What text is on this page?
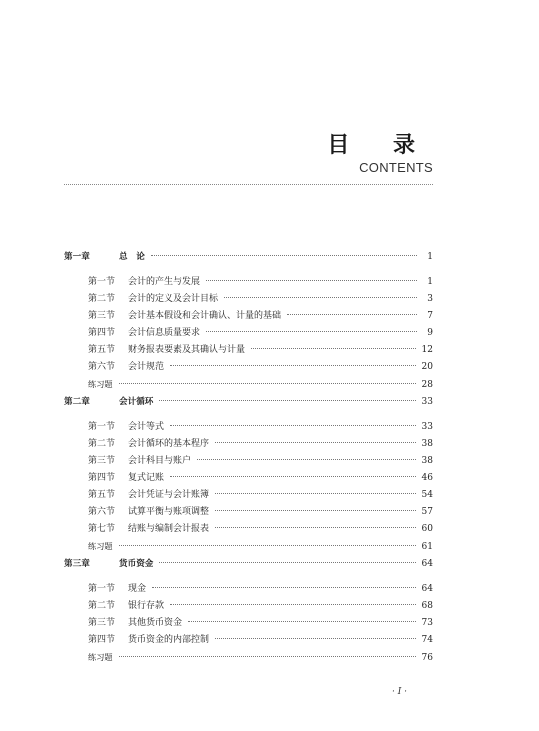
目 录
CONTENTS
第一章	总　论	1
第一节	会计的产生与发展	1
第二节	会计的定义及会计目标	3
第三节	会计基本假设和会计确认、计量的基础	7
第四节	会计信息质量要求	9
第五节	财务报表要素及其确认与计量	12
第六节	会计规范	20
练习题	28
第二章	会计循环	33
第一节	会计等式	33
第二节	会计循环的基本程序	38
第三节	会计科目与账户	38
第四节	复式记账	46
第五节	会计凭证与会计账簿	54
第六节	试算平衡与账项调整	57
第七节	结账与编制会计报表	60
练习题	61
第三章	货币资金	64
第一节	现金	64
第二节	银行存款	68
第三节	其他货币资金	73
第四节	货币资金的内部控制	74
练习题	76
· I ·
